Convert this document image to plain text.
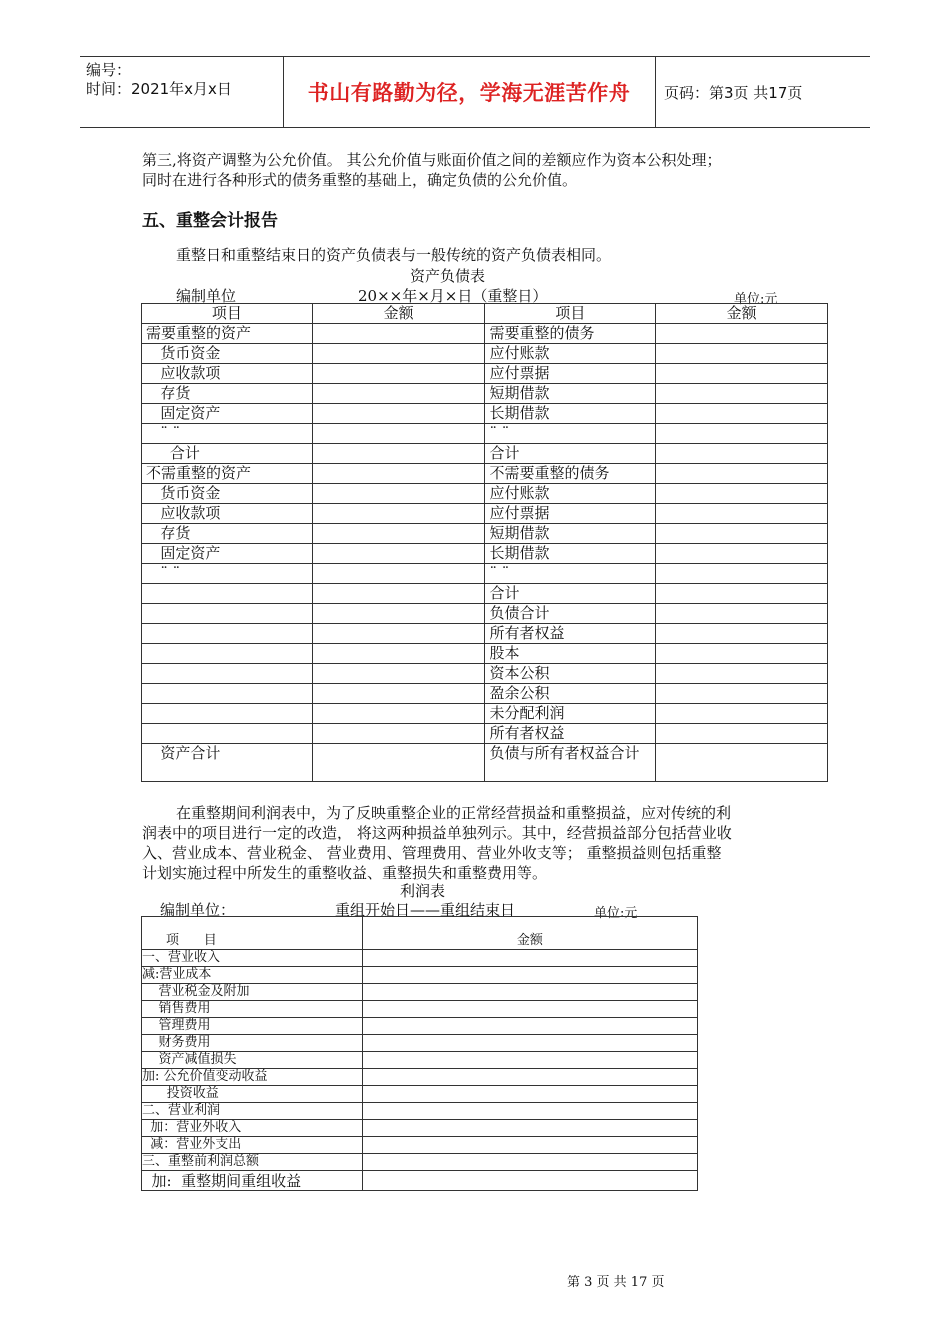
编号：
时间：2021年x月x日	书山有路勤为径，学海无涯苦作舟 页码：第3页 共17页

第三,将资产调整为公允价值。 其公允价值与账面价值之间的差额应作为资本公积处理；

同时在进行各种形式的债务重整的基础上，确定负债的公允价值。

五、重整会计报告

重整日和重整结束日的资产负债表与一般传统的资产负债表相同。

资产负债表
编制单位	20××年×月×日（重整日）	单位:元
项目	金额	项目	金额
需要重整的资产		需要重整的债务	
货币资金		应付账款	
应收款项		应付票据	
存货		短期借款	
固定资产		长期借款	
¨ ¨		¨ ¨	
合计		合计	
不需重整的资产		不需要重整的债务	
货币资金		应付账款	
应收款项		应付票据	
存货		短期借款	
固定资产		长期借款	
¨ ¨		¨ ¨	
		合计	
		负债合计	
		所有者权益	
		股本	
		资本公积	
		盈余公积	
		未分配利润	
		所有者权益	
资产合计		负债与所有者权益合计	

在重整期间利润表中，为了反映重整企业的正常经营损益和重整损益，应对传统的利

润表中的项目进行一定的改造， 将这两种损益单独列示。其中，经营损益部分包括营业收

入、营业成本、营业税金、 营业费用、管理费用、营业外收支等； 重整损益则包括重整

计划实施过程中所发生的重整收益、重整损失和重整费用等。

利润表
编制单位：	重组开始日——重组结束日	单位:元
项      目	金额
一、营业收入	
减:营业成本	
营业税金及附加	
销售费用	
管理费用	
财务费用	
资产减值损失	
加: 公允价值变动收益	
投资收益	
二、营业利润	
加：营业外收入	
减：营业外支出	
三、重整前利润总额	
加:  重整期间重组收益	
第 3 页 共 17 页
